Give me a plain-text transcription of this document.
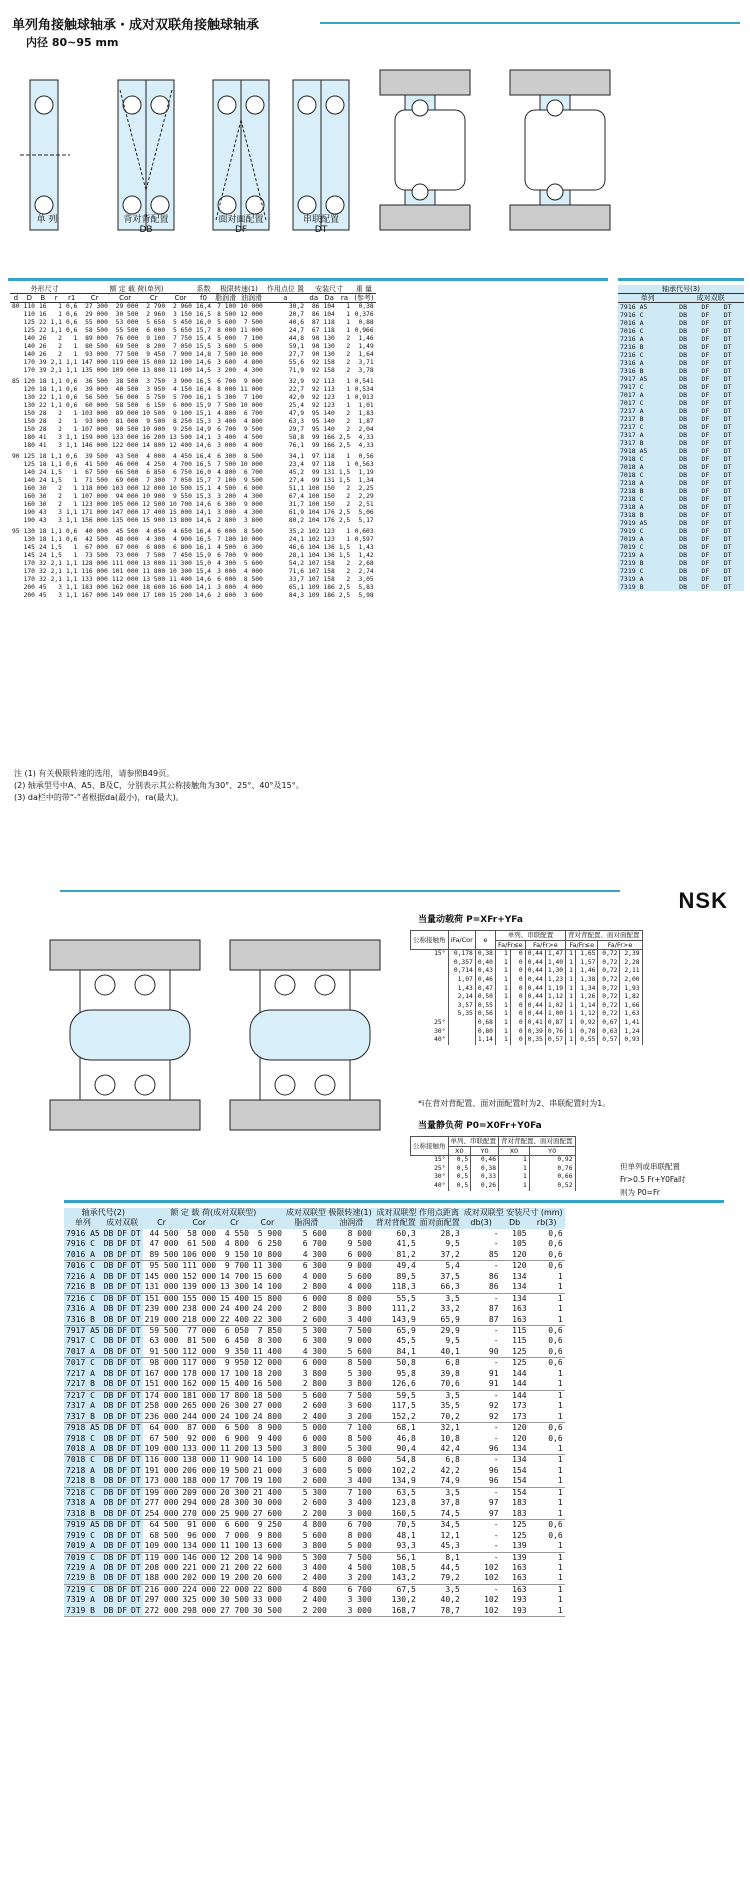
单列角接触球轴承・成对双联角接触球轴承
内径 80~95 mm
单 列	背对背配置
DB
面对面配置
DF
串联配置
DT
外形尺寸					额 定 载 荷(单列)				系数	极限转速(1)		作用点位 置	安装尺寸			重 量
d	D	B	r	r1	Cr	Cor	Cr	Cor	f0	脂润滑	油润滑	a	da	Da	ra	(参考)
80	110	16	1	0,6	27 300	29 000	2 790	2 960	16,4	7 100	10 000	30,2	86	104	1	0,38
	110	16	1	0,6	29 000	30 500	2 960	3 150	16,5	8 500	12 000	20,7	86	104	1	0,376
	125	22	1,1	0,6	55 000	53 000	5 650	5 450	16,0	5 600	7 500	40,6	87	118	1	0,88
	125	22	1,1	0,6	58 500	55 500	6 000	5 650	15,7	8 000	11 000	24,7	67	118	1	0,966
	140	26	2	1	89 000	76 000	9 100	7 750	15,4	5 000	7 100	44,8	90	130	2	1,46
	140	26	2	1	80 500	69 500	8 200	7 050	15,5	3 600	5 000	59,1	90	130	2	1,49
	140	26	2	1	93 000	77 500	9 450	7 900	14,8	7 500	10 000	27,7	90	130	2	1,64
	170	39	2,1	1,1	147 000	119 000	15 000	12 100	14,6	3 600	4 800	55,6	92	158	2	3,71
	170	39	2,1	1,1	135 000	109 000	13 800	11 100	14,5	3 200	4 300	71,9	92	158	2	3,78
85	120	18	1,1	0,6	36 500	38 500	3 750	3 900	16,5	6 700	9 000	32,9	92	113	1	0,541
	120	18	1,1	0,6	39 000	40 500	3 950	4 150	16,4	8 000	11 000	22,7	92	113	1	0,534
	130	22	1,1	0,6	56 500	56 000	5 750	5 700	16,1	5 300	7 100	42,0	92	123	1	0,913
	130	22	1,1	0,6	60 000	58 500	6 150	6 000	15,9	7 500	10 000	25,4	92	123	1	1,01
	150	28	2	1	103 000	89 000	10 500	9 100	15,1	4 800	6 700	47,9	95	140	2	1,83
	150	28	2	1	93 000	81 000	9 500	8 250	15,3	3 400	4 800	63,3	95	140	2	1,87
	150	28	2	1	107 000	90 500	10 900	9 250	14,9	6 700	9 500	29,7	95	140	2	2,04
	180	41	3	1,1	159 000	133 000	16 200	13 500	14,1	3 400	4 500	58,8	99	166	2,5	4,33
	180	41	3	1,1	146 000	122 000	14 800	12 400	14,6	3 000	4 000	76,1	99	166	2,5	4,33
90	125	18	1,1	0,6	39 500	43 500	4 000	4 450	16,4	6 300	8 500	34,1	97	118	1	0,56
	125	18	1,1	0,6	41 500	46 000	4 250	4 700	16,5	7 500	10 000	23,4	97	118	1	0,563
	140	24	1,5	1	67 500	66 500	6 850	6 750	16,0	4 800	6 700	45,2	99	131	1,5	1,19
	140	24	1,5	1	71 500	69 000	7 300	7 050	15,7	7 100	9 500	27,4	99	131	1,5	1,34
	160	30	2	1	118 000	103 000	12 000	10 500	15,1	4 500	6 000	51,1	100	150	2	2,25
	160	30	2	1	107 000	94 000	10 900	9 550	15,3	3 200	4 300	67,4	100	150	2	2,29
	160	30	2	1	123 000	105 000	12 500	10 700	14,6	6 300	9 000	31,7	100	150	2	2,51
	190	43	3	1,1	171 000	147 000	17 400	15 000	14,1	3 000	4 300	61,9	104	176	2,5	5,06
	190	43	3	1,1	156 000	135 000	15 900	13 800	14,6	2 800	3 800	80,2	104	176	2,5	5,17
95	130	18	1,1	0,6	40 000	45 500	4 050	4 650	16,4	6 000	8 500	35,2	102	123	1	0,603
	130	18	1,1	0,6	42 500	48 000	4 300	4 900	16,5	7 100	10 000	24,1	102	123	1	0,597
	145	24	1,5	1	67 000	67 000	6 800	6 800	16,1	4 500	6 300	46,6	104	136	1,5	1,43
	145	24	1,5	1	73 500	73 000	7 500	7 450	15,9	6 700	9 000	28,1	104	136	1,5	1,42
	170	32	2,1	1,1	128 000	111 000	13 000	11 300	15,0	4 300	5 600	54,2	107	158	2	2,68
	170	32	2,1	1,1	116 000	101 000	11 800	10 300	15,4	3 000	4 000	71,6	107	158	2	2,74
	170	32	2,1	1,1	133 000	112 000	13 500	11 400	14,6	6 000	8 500	33,7	107	158	2	3,05
	200	45	3	1,1	183 000	162 000	18 600	16 600	14,1	3 000	4 000	65,1	109	186	2,5	5,83
	200	45	3	1,1	167 000	149 000	17 100	15 200	14,6	2 600	3 600	84,3	109	186	2,5	5,98
轴承代号(3)			
单列	成对双联		
7916 A5	DB	DF	DT
7916 C	DB	DF	DT
7016 A	DB	DF	DT
7016 C	DB	DF	DT
7216 A	DB	DF	DT
7216 B	DB	DF	DT
7216 C	DB	DF	DT
7316 A	DB	DF	DT
7316 B	DB	DF	DT
7917 A5	DB	DF	DT
7917 C	DB	DF	DT
7017 A	DB	DF	DT
7017 C	DB	DF	DT
7217 A	DB	DF	DT
7217 B	DB	DF	DT
7217 C	DB	DF	DT
7317 A	DB	DF	DT
7317 B	DB	DF	DT
7918 A5	DB	DF	DT
7918 C	DB	DF	DT
7018 A	DB	DF	DT
7018 C	DB	DF	DT
7218 A	DB	DF	DT
7218 B	DB	DF	DT
7218 C	DB	DF	DT
7318 A	DB	DF	DT
7318 B	DB	DF	DT
7919 A5	DB	DF	DT
7919 C	DB	DF	DT
7019 A	DB	DF	DT
7019 C	DB	DF	DT
7219 A	DB	DF	DT
7219 B	DB	DF	DT
7219 C	DB	DF	DT
7319 A	DB	DF	DT
7319 B	DB	DF	DT
注 (1) 有关极限转速的选用，请参照B49页。
(2) 轴承型号中A、A5、B及C，分别表示其公称接触角为30°、25°、40°及15°。
(3) da栏中的带“-”者根据da(最小)，ra(最大)。
NSK
当量动载荷 P=XFr+YFa
公称接触角	iFa/Cor	e	单列、串联配置				背对背配置、面对面配置			
			Fa/Fr≤e		Fa/Fr>e		Fa/Fr≤e		Fa/Fr>e	
15°	0,178	0,38	1	0	0,44	1,47	1	1,65	0,72	2,39
	0,357	0,40	1	0	0,44	1,40	1	1,57	0,72	2,28
	0,714	0,43	1	0	0,44	1,30	1	1,46	0,72	2,11
	1,07	0,46	1	0	0,44	1,23	1	1,38	0,72	2,00
	1,43	0,47	1	0	0,44	1,19	1	1,34	0,72	1,93
	2,14	0,50	1	0	0,44	1,12	1	1,26	0,72	1,82
	3,57	0,55	1	0	0,44	1,02	1	1,14	0,72	1,66
	5,35	0,56	1	0	0,44	1,00	1	1,12	0,72	1,63
25°		0,68	1	0	0,41	0,87	1	0,92	0,67	1,41
30°		0,80	1	0	0,39	0,76	1	0,78	0,63	1,24
40°		1,14	1	0	0,35	0,57	1	0,55	0,57	0,93
*i在背对背配置、面对面配置时为2、串联配置时为1。
当量静负荷 P0=X0Fr+Y0Fa
公称接触角	单列、串联配置		背对背配置、面对面配置	
	X0	Y0	X0	Y0
15°	0,5	0,46	1	0,92
25°	0,5	0,38	1	0,76
30°	0,5	0,33	1	0,66
40°	0,5	0,26	1	0,52
但单列或串联配置
Fr>0.5 Fr+Y0Fa时
则为 P0=Fr
轴承代号(2)				额 定 载 荷(成对双联型)				成对双联型 极限转速(1)		成对双联型 作用点距离		成对双联型 安装尺寸 (mm)		
单列	成对双联			Cr	Cor	Cr	Cor	脂润滑	油润滑	背对背配置	面对面配置	db(3)	Db	rb(3)
7916 A5	DB	DF	DT	44 500	58 000	4 550	5 900	5 600	8 000	60,3	28,3	-	105	0,6
7916 C	DB	DF	DT	47 000	61 500	4 800	6 250	6 700	9 500	41,5	9,5	-	105	0,6
7016 A	DB	DF	DT	89 500	106 000	9 150	10 800	4 300	6 000	81,2	37,2	85	120	0,6
7016 C	DB	DF	DT	95 500	111 000	9 700	11 300	6 300	9 000	49,4	5,4	-	120	0,6
7216 A	DB	DF	DT	145 000	152 000	14 700	15 600	4 000	5 600	89,5	37,5	86	134	1
7216 B	DB	DF	DT	131 000	139 000	13 300	14 100	2 800	4 000	118,3	66,3	86	134	1
7216 C	DB	DF	DT	151 000	155 000	15 400	15 800	6 000	8 000	55,5	3,5	-	134	1
7316 A	DB	DF	DT	239 000	238 000	24 400	24 200	2 800	3 800	111,2	33,2	87	163	1
7316 B	DB	DF	DT	219 000	218 000	22 400	22 300	2 600	3 400	143,9	65,9	87	163	1
7917 A5	DB	DF	DT	59 500	77 000	6 050	7 850	5 300	7 500	65,9	29,9	-	115	0,6
7917 C	DB	DF	DT	63 000	81 500	6 450	8 300	6 300	9 000	45,5	9,5	-	115	0,6
7017 A	DB	DF	DT	91 500	112 000	9 350	11 400	4 300	5 600	84,1	40,1	90	125	0,6
7017 C	DB	DF	DT	98 000	117 000	9 950	12 000	6 000	8 500	50,8	6,8	-	125	0,6
7217 A	DB	DF	DT	167 000	178 000	17 100	18 200	3 800	5 300	95,8	39,8	91	144	1
7217 B	DB	DF	DT	151 000	162 000	15 400	16 500	2 800	3 800	126,6	70,6	91	144	1
7217 C	DB	DF	DT	174 000	181 000	17 800	18 500	5 600	7 500	59,5	3,5	-	144	1
7317 A	DB	DF	DT	258 000	265 000	26 300	27 000	2 600	3 600	117,5	35,5	92	173	1
7317 B	DB	DF	DT	236 000	244 000	24 100	24 800	2 400	3 200	152,2	70,2	92	173	1
7918 A5	DB	DF	DT	64 000	87 000	6 500	8 900	5 000	7 100	68,1	32,1	-	120	0,6
7918 C	DB	DF	DT	67 500	92 000	6 900	9 400	6 000	8 500	46,8	10,8	-	120	0,6
7018 A	DB	DF	DT	109 000	133 000	11 200	13 500	3 800	5 300	90,4	42,4	96	134	1
7018 C	DB	DF	DT	116 000	138 000	11 900	14 100	5 600	8 000	54,8	6,8	-	134	1
7218 A	DB	DF	DT	191 000	206 000	19 500	21 000	3 600	5 000	102,2	42,2	96	154	1
7218 B	DB	DF	DT	173 000	188 000	17 700	19 100	2 600	3 400	134,9	74,9	96	154	1
7218 C	DB	DF	DT	199 000	209 000	20 300	21 400	5 300	7 100	63,5	3,5	-	154	1
7318 A	DB	DF	DT	277 000	294 000	28 300	30 000	2 600	3 400	123,8	37,8	97	183	1
7318 B	DB	DF	DT	254 000	270 000	25 900	27 600	2 200	3 000	160,5	74,5	97	183	1
7919 A5	DB	DF	DT	64 500	91 000	6 600	9 250	4 800	6 700	70,5	34,5	-	125	0,6
7919 C	DB	DF	DT	68 500	96 000	7 000	9 800	5 600	8 000	48,1	12,1	-	125	0,6
7019 A	DB	DF	DT	109 000	134 000	11 100	13 600	3 800	5 000	93,3	45,3	-	139	1
7019 C	DB	DF	DT	119 000	146 000	12 200	14 900	5 300	7 500	56,1	8,1	-	139	1
7219 A	DB	DF	DT	208 000	221 000	21 200	22 600	3 400	4 500	108,5	44,5	102	163	1
7219 B	DB	DF	DT	188 000	202 000	19 200	20 600	2 400	3 200	143,2	79,2	102	163	1
7219 C	DB	DF	DT	216 000	224 000	22 000	22 800	4 800	6 700	67,5	3,5	-	163	1
7319 A	DB	DF	DT	297 000	325 000	30 500	33 000	2 400	3 300	130,2	40,2	102	193	1
7319 B	DB	DF	DT	272 000	298 000	27 700	30 500	2 200	3 000	168,7	78,7	102	193	1
